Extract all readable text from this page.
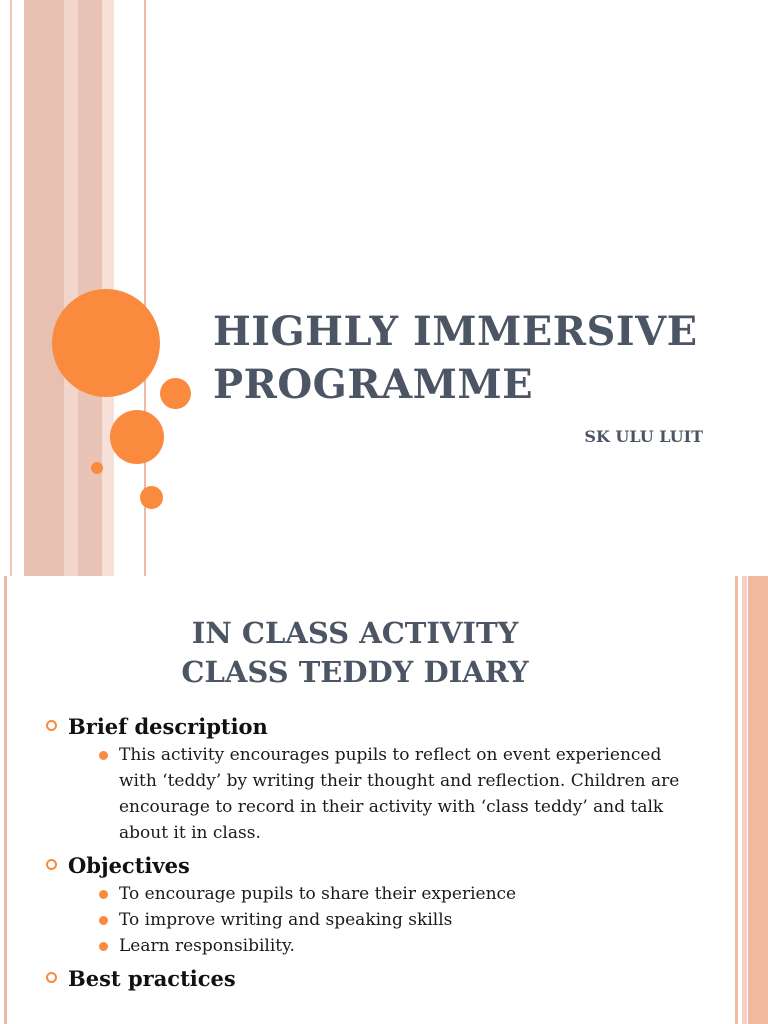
HIGHLY IMMERSIVE
PROGRAMME
SK ULU LUIT
IN CLASS ACTIVITY
CLASS TEDDY DIARY
Brief description
This activity encourages pupils to reflect on event experienced with ‘teddy’ by writing their thought and reflection. Children are encourage to record in their activity with ‘class teddy’ and talk about it in class.
Objectives
To encourage pupils to share their experience
To improve writing and speaking skills
Learn responsibility.
Best practices
